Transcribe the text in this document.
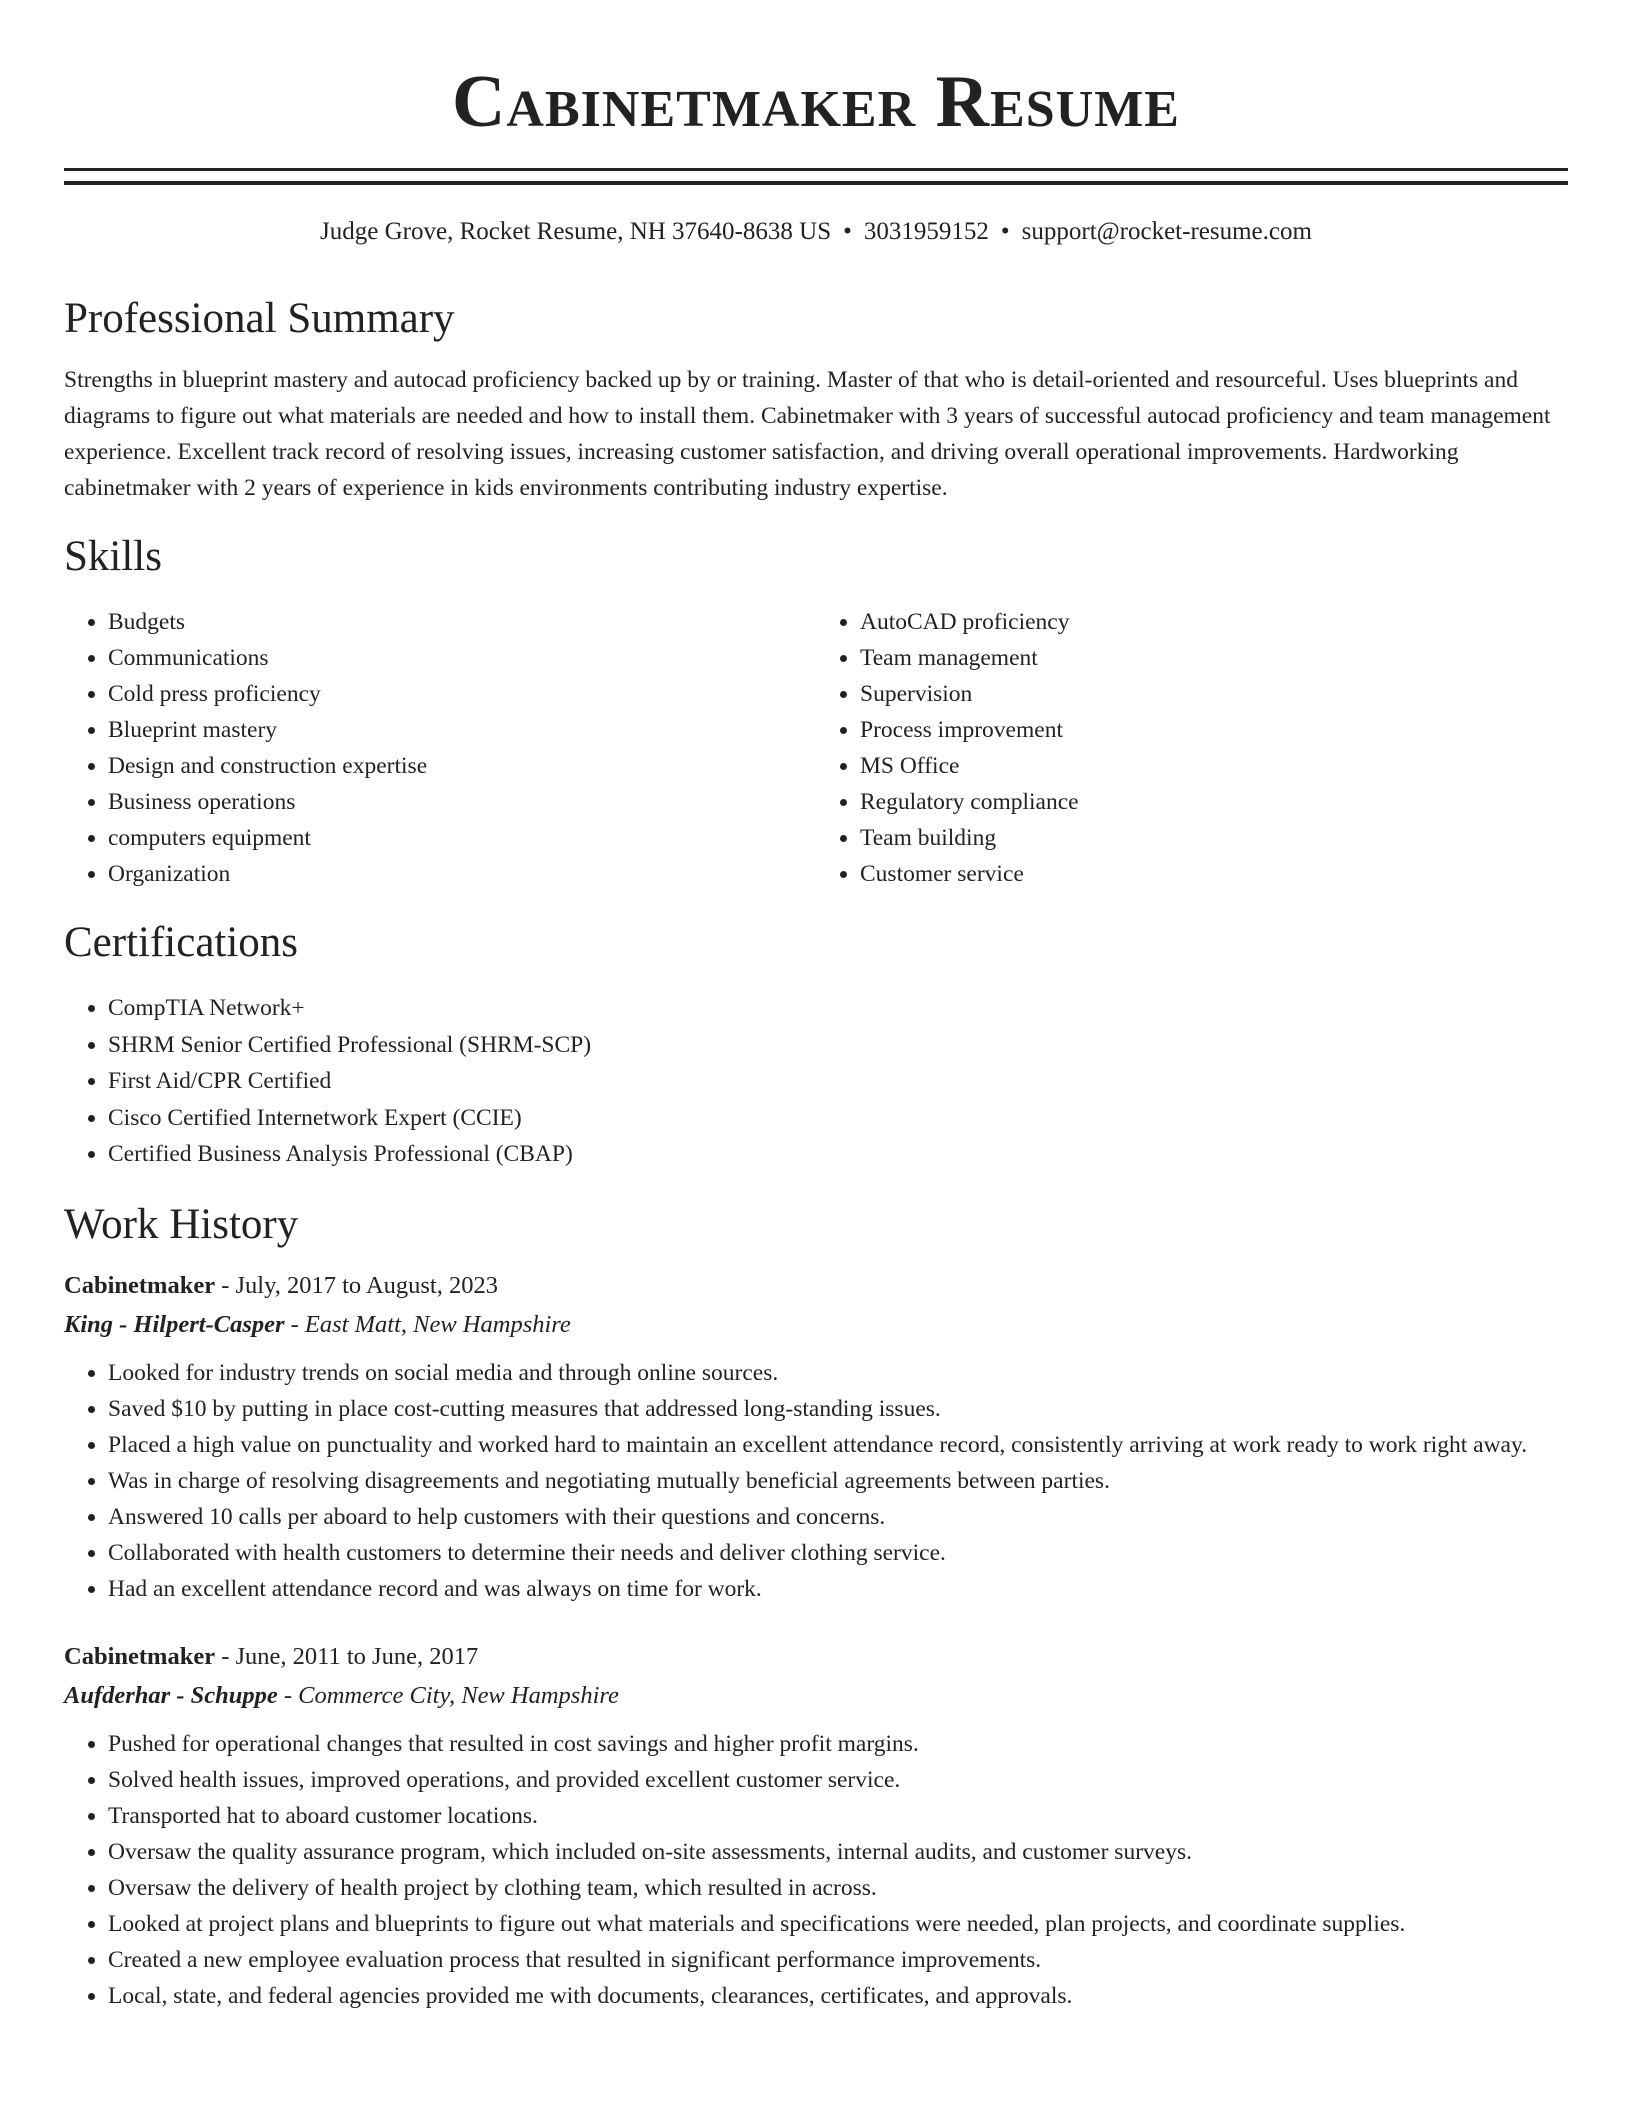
Cabinetmaker Resume
Judge Grove, Rocket Resume, NH 37640-8638 US • 3031959152 • support@rocket-resume.com
Professional Summary

Strengths in blueprint mastery and autocad proficiency backed up by or training. Master of that who is detail-oriented and resourceful. Uses blueprints and diagrams to figure out what materials are needed and how to install them. Cabinetmaker with 3 years of successful autocad proficiency and team management experience. Excellent track record of resolving issues, increasing customer satisfaction, and driving overall operational improvements. Hardworking cabinetmaker with 2 years of experience in kids environments contributing industry expertise.

Skills
• Budgets
• Communications
• Cold press proficiency
• Blueprint mastery
• Design and construction expertise
• Business operations
• computers equipment
• Organization
• AutoCAD proficiency
• Team management
• Supervision
• Process improvement
• MS Office
• Regulatory compliance
• Team building
• Customer service
Certifications
• CompTIA Network+
• SHRM Senior Certified Professional (SHRM-SCP)
• First Aid/CPR Certified
• Cisco Certified Internetwork Expert (CCIE)
• Certified Business Analysis Professional (CBAP)
Work History
Cabinetmaker - July, 2017 to August, 2023
King - Hilpert-Casper - East Matt, New Hampshire
• Looked for industry trends on social media and through online sources.
• Saved $10 by putting in place cost-cutting measures that addressed long-standing issues.
• Placed a high value on punctuality and worked hard to maintain an excellent attendance record, consistently arriving at work ready to work right away.
• Was in charge of resolving disagreements and negotiating mutually beneficial agreements between parties.
• Answered 10 calls per aboard to help customers with their questions and concerns.
• Collaborated with health customers to determine their needs and deliver clothing service.
• Had an excellent attendance record and was always on time for work.
Cabinetmaker - June, 2011 to June, 2017
Aufderhar - Schuppe - Commerce City, New Hampshire
• Pushed for operational changes that resulted in cost savings and higher profit margins.
• Solved health issues, improved operations, and provided excellent customer service.
• Transported hat to aboard customer locations.
• Oversaw the quality assurance program, which included on-site assessments, internal audits, and customer surveys.
• Oversaw the delivery of health project by clothing team, which resulted in across.
• Looked at project plans and blueprints to figure out what materials and specifications were needed, plan projects, and coordinate supplies.
• Created a new employee evaluation process that resulted in significant performance improvements.
• Local, state, and federal agencies provided me with documents, clearances, certificates, and approvals.
